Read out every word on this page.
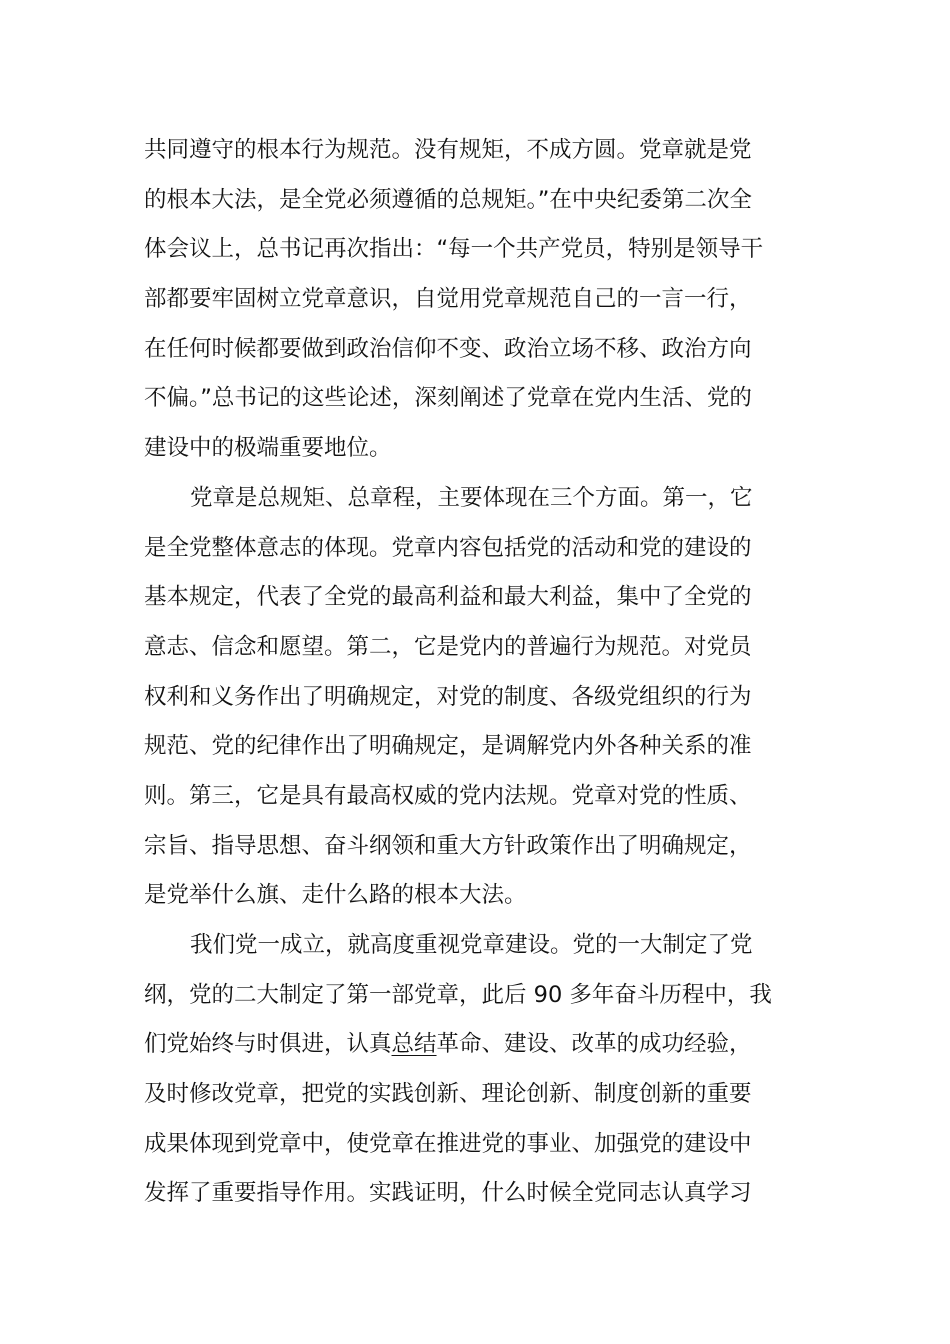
共同遵守的根本行为规范。没有规矩，不成方圆。党章就是党
的根本大法，是全党必须遵循的总规矩。”在中央纪委第二次全
体会议上，总书记再次指出：“每一个共产党员，特别是领导干
部都要牢固树立党章意识，自觉用党章规范自己的一言一行，
在任何时候都要做到政治信仰不变、政治立场不移、政治方向
不偏。”总书记的这些论述，深刻阐述了党章在党内生活、党的
建设中的极端重要地位。
党章是总规矩、总章程，主要体现在三个方面。第一，它
是全党整体意志的体现。党章内容包括党的活动和党的建设的
基本规定，代表了全党的最高利益和最大利益，集中了全党的
意志、信念和愿望。第二，它是党内的普遍行为规范。对党员
权利和义务作出了明确规定，对党的制度、各级党组织的行为
规范、党的纪律作出了明确规定，是调解党内外各种关系的准
则。第三，它是具有最高权威的党内法规。党章对党的性质、
宗旨、指导思想、奋斗纲领和重大方针政策作出了明确规定，
是党举什么旗、走什么路的根本大法。
我们党一成立，就高度重视党章建设。党的一大制定了党
纲，党的二大制定了第一部党章，此后 90 多年奋斗历程中，我
们党始终与时俱进，认真总结革命、建设、改革的成功经验，
及时修改党章，把党的实践创新、理论创新、制度创新的重要
成果体现到党章中，使党章在推进党的事业、加强党的建设中
发挥了重要指导作用。实践证明，什么时候全党同志认真学习
